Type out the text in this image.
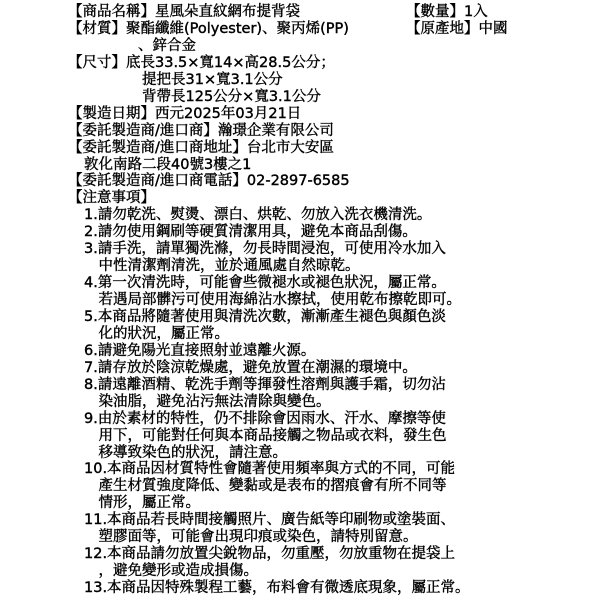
【商品名稱】星風朵直紋網布提背袋	【數量】1入
【材質】聚酯纖維(Polyester)、聚丙烯(PP)	【原產地】中國
、鋅合金
【尺寸】底長33.5×寬14×高28.5公分；
提把長31×寬3.1公分
背帶長125公分×寬3.1公分
【製造日期】西元2025年03月21日
【委託製造商/進口商】瀚璟企業有限公司
【委託製造商/進口商地址】台北市大安區
敦化南路二段40號3樓之1
【委託製造商/進口商電話】02-2897-6585
【注意事項】
1.請勿乾洗、熨燙、漂白、烘乾、勿放入洗衣機清洗。
2.請勿使用鋼刷等硬質清潔用具，避免本商品刮傷。
3.請手洗，請單獨洗滌，勿長時間浸泡，可使用冷水加入
　中性清潔劑清洗，並於通風處自然晾乾。
4.第一次清洗時，可能會些微褪水或褪色狀況，屬正常。
　若遇局部髒污可使用海綿沾水擦拭，使用乾布擦乾即可。
5.本商品將隨著使用與清洗次數，漸漸產生褪色與顏色淡
　化的狀況，屬正常。
6.請避免陽光直接照射並遠離火源。
7.請存放於陰涼乾燥處，避免放置在潮濕的環境中。
8.請遠離酒精、乾洗手劑等揮發性溶劑與護手霜，切勿沾
　染油脂，避免沾污無法清除與變色。
9.由於素材的特性，仍不排除會因雨水、汗水、摩擦等使
　用下，可能對任何與本商品接觸之物品或衣料，發生色
　移導致染色的狀況，請注意。
10.本商品因材質特性會隨著使用頻率與方式的不同，可能
　產生材質強度降低、變黏或是表布的摺痕會有所不同等
　情形，屬正常。
11.本商品若長時間接觸照片、廣告紙等印刷物或塗裝面、
　塑膠面等，可能會出現印痕或染色，請特別留意。
12.本商品請勿放置尖銳物品，勿重壓，勿放重物在提袋上
　，避免變形或造成損傷。
13.本商品因特殊製程工藝，布料會有微透底現象，屬正常。
